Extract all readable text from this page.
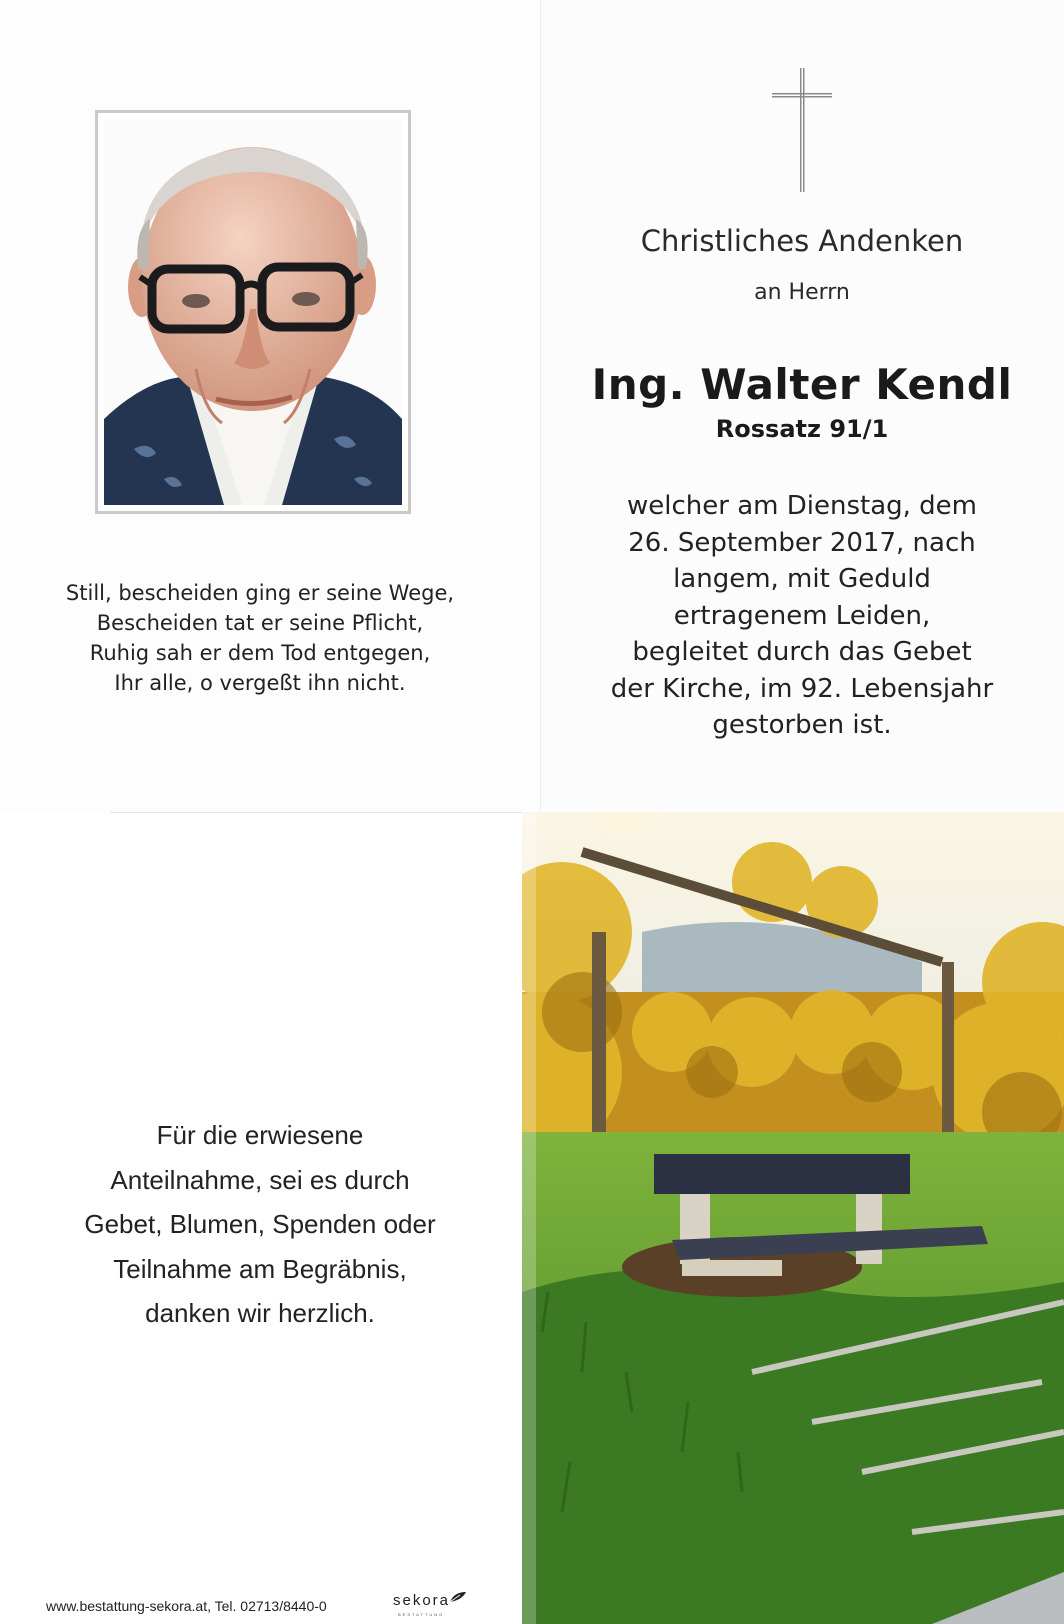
Still, bescheiden ging er seine Wege,
Bescheiden tat er seine Pflicht,
Ruhig sah er dem Tod entgegen,
Ihr alle, o vergeßt ihn nicht.
Christliches Andenken
an Herrn
Ing. Walter Kendl
Rossatz 91/1
welcher am Dienstag, dem
26. September 2017, nach
langem, mit Geduld
ertragenem Leiden,
begleitet durch das Gebet
der Kirche, im 92. Lebensjahr
gestorben ist.
Für die erwiesene
Anteilnahme, sei es durch
Gebet, Blumen, Spenden oder
Teilnahme am Begräbnis,
danken wir herzlich.
www.bestattung-sekora.at, Tel. 02713/8440-0	sekora
BESTATTUNG
